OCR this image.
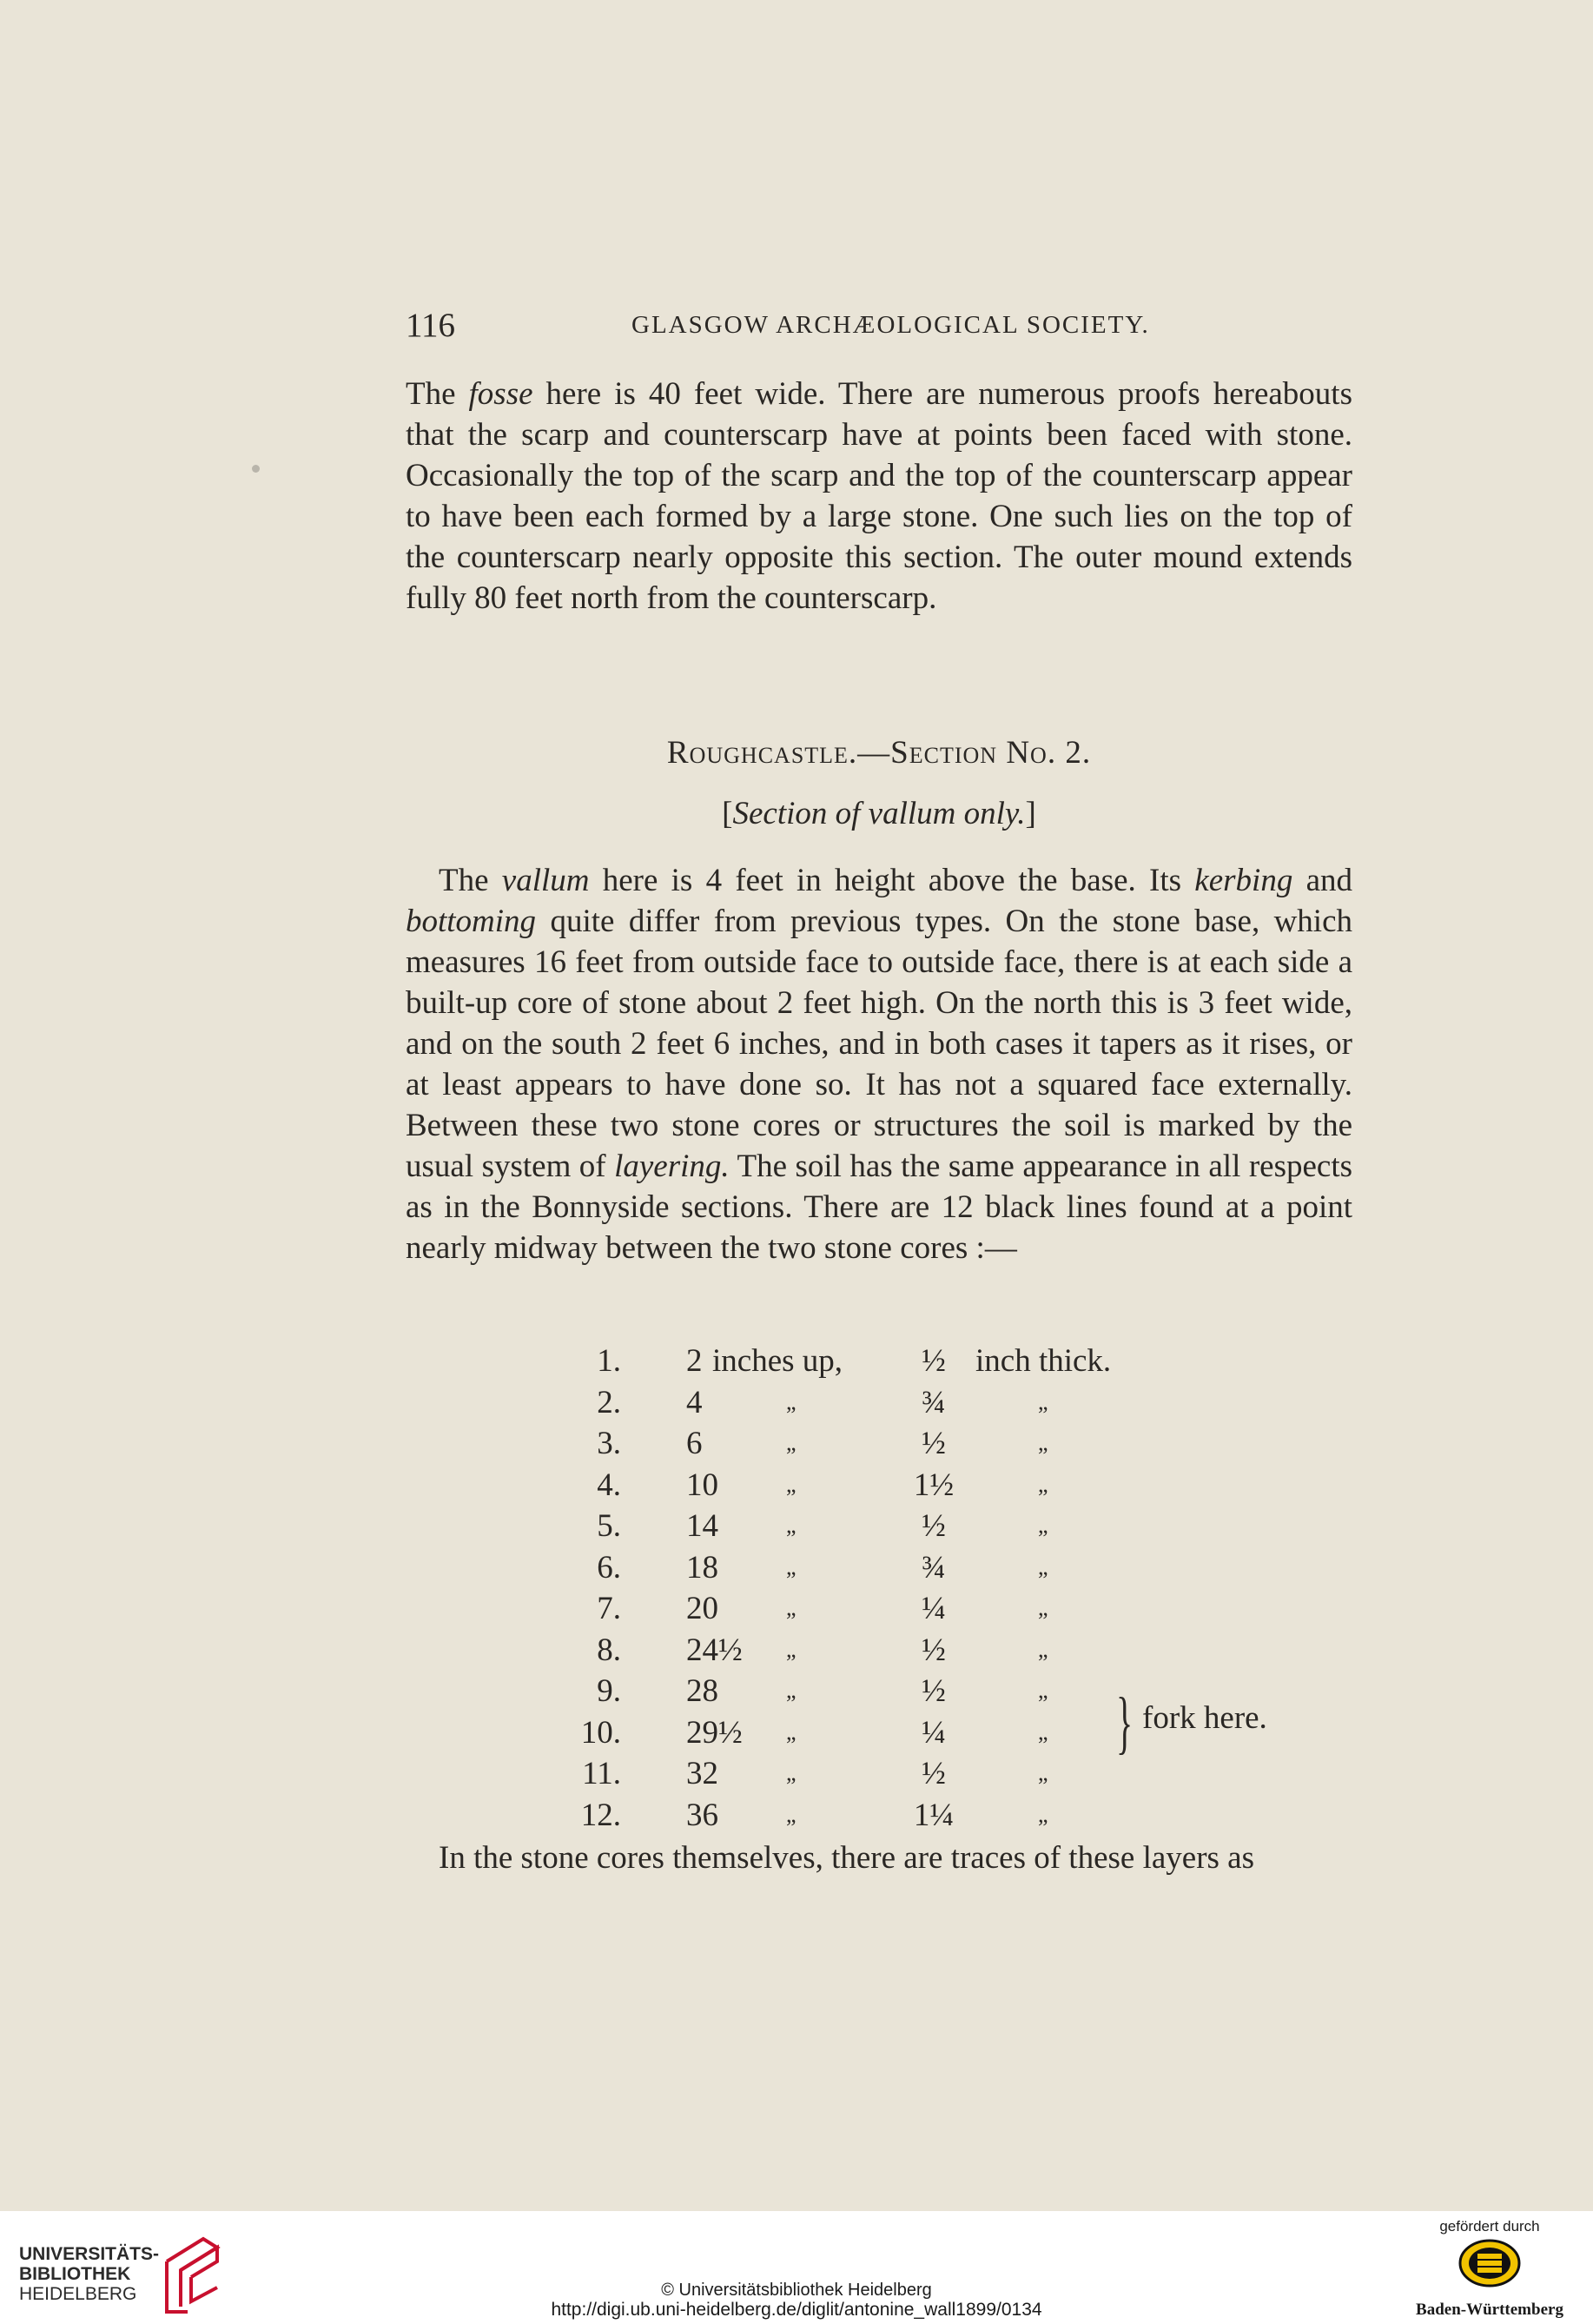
116	GLASGOW ARCHÆOLOGICAL SOCIETY.

The fosse here is 40 feet wide. There are numerous proofs hereabouts that the scarp and counterscarp have at points been faced with stone. Occasionally the top of the scarp and the top of the counterscarp appear to have been each formed by a large stone. One such lies on the top of the counterscarp nearly opposite this section. The outer mound extends fully 80 feet north from the counterscarp.

Roughcastle.—Section No. 2.
[Section of vallum only.]

The vallum here is 4 feet in height above the base. Its kerbing and bottoming quite differ from previous types. On the stone base, which measures 16 feet from outside face to outside face, there is at each side a built-up core of stone about 2 feet high. On the north this is 3 feet wide, and on the south 2 feet 6 inches, and in both cases it tapers as it rises, or at least appears to have done so. It has not a squared face externally. Between these two stone cores or structures the soil is marked by the usual system of layering. The soil has the same appearance in all respects as in the Bonnyside sections. There are 12 black lines found at a point nearly midway between the two stone cores :—

1. 2 inches up,	½ inch thick.
2. 4	„	¾	„
3. 6	„	½	„
4. 10	„	1½	„
5. 14	„	½	„
6. 18	„	¾	„
7. 20	„	¼	„
8. 24½ „	½	„
9. 28	„	½	„
10. 29½ „	¼	„
11. 32	„	½	„
12. 36	„	1¼	„
} fork here.
In the stone cores themselves, there are traces of these layers as
UNIVERSITÄTS-
BIBLIOTHEK
HEIDELBERG	© Universitätsbibliothek Heidelberg
http://digi.ub.uni-heidelberg.de/diglit/antonine_wall1899/0134
gefördert durch
Baden-Württemberg
